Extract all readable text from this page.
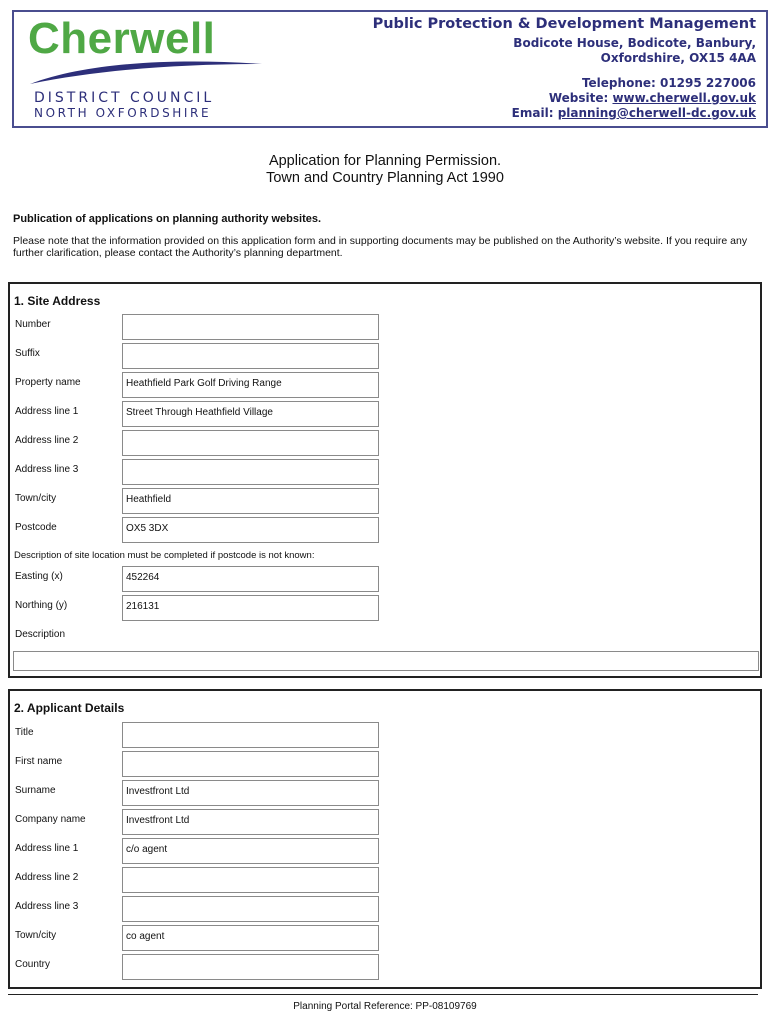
Cherwell
DISTRICT COUNCIL
NORTH OXFORDSHIRE
Public Protection & Development Management
Bodicote House, Bodicote, Banbury,
Oxfordshire, OX15 4AA
Telephone: 01295 227006
Website: www.cherwell.gov.uk
Email: planning@cherwell-dc.gov.uk
Application for Planning Permission.
Town and Country Planning Act 1990
Publication of applications on planning authority websites.
Please note that the information provided on this application form and in supporting documents may be published on the Authority’s website. If you require any further clarification, please contact the Authority’s planning department.
1. Site Address
Number
Suffix
Property name	Heathfield Park Golf Driving Range
Address line 1	Street Through Heathfield Village
Address line 2
Address line 3
Town/city	Heathfield
Postcode	OX5 3DX
Description of site location must be completed if postcode is not known:
Easting (x)	452264
Northing (y)	216131
Description
2. Applicant Details
Title
First name
Surname	Investfront Ltd
Company name	Investfront Ltd
Address line 1	c/o agent
Address line 2
Address line 3
Town/city	co agent
Country
Planning Portal Reference: PP-08109769
